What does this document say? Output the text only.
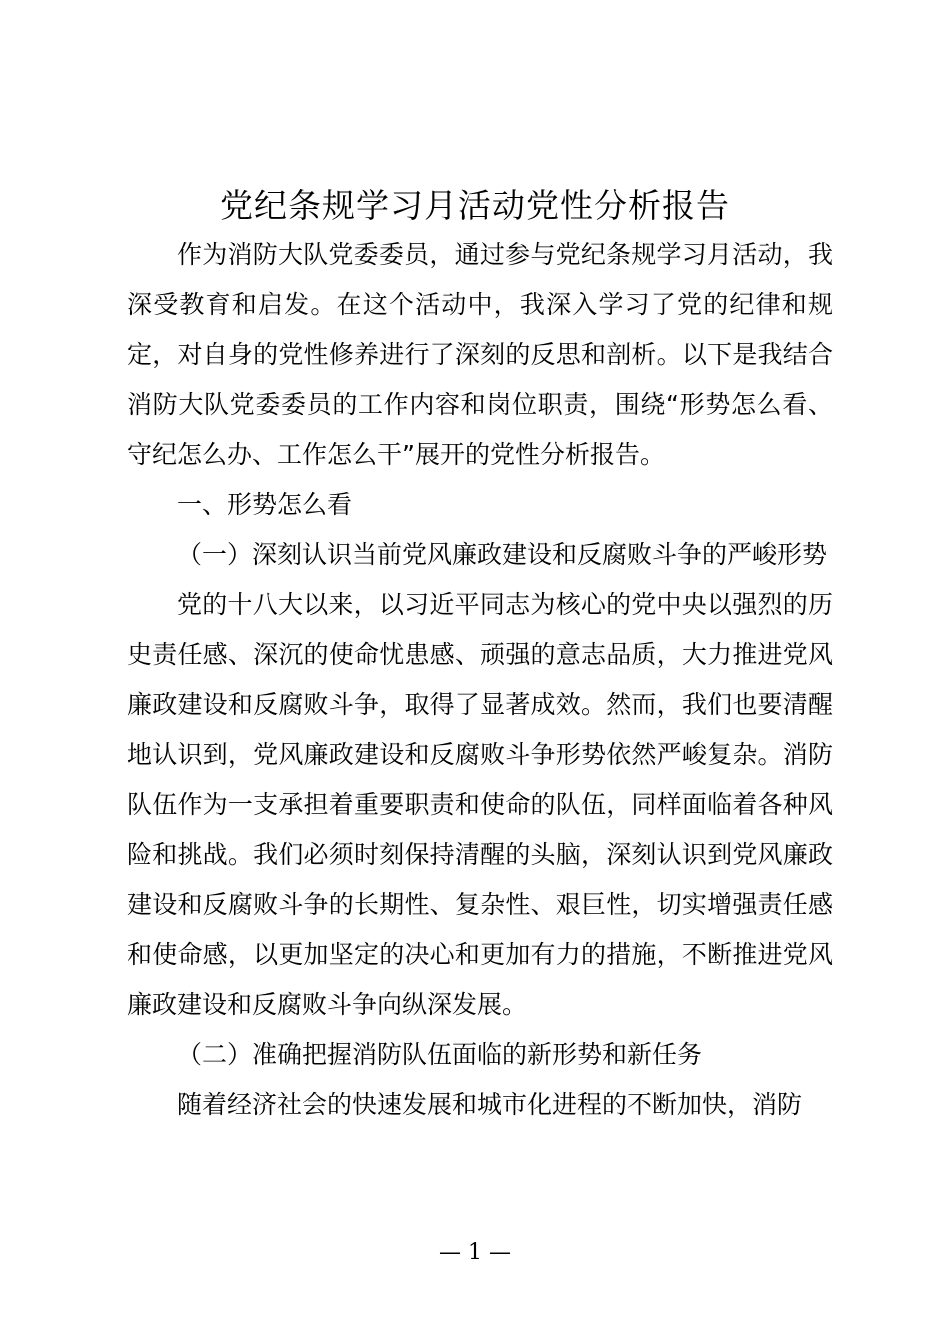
党纪条规学习月活动党性分析报告

作为消防大队党委委员，通过参与党纪条规学习月活动，我深受教育和启发。在这个活动中，我深入学习了党的纪律和规定，对自身的党性修养进行了深刻的反思和剖析。以下是我结合消防大队党委委员的工作内容和岗位职责，围绕“形势怎么看、守纪怎么办、工作怎么干”展开的党性分析报告。

一、形势怎么看

（一）深刻认识当前党风廉政建设和反腐败斗争的严峻形势

党的十八大以来，以习近平同志为核心的党中央以强烈的历史责任感、深沉的使命忧患感、顽强的意志品质，大力推进党风廉政建设和反腐败斗争，取得了显著成效。然而，我们也要清醒地认识到，党风廉政建设和反腐败斗争形势依然严峻复杂。消防队伍作为一支承担着重要职责和使命的队伍，同样面临着各种风险和挑战。我们必须时刻保持清醒的头脑，深刻认识到党风廉政建设和反腐败斗争的长期性、复杂性、艰巨性，切实增强责任感和使命感，以更加坚定的决心和更加有力的措施，不断推进党风廉政建设和反腐败斗争向纵深发展。

（二）准确把握消防队伍面临的新形势和新任务

随着经济社会的快速发展和城市化进程的不断加快，消防

— 1 —
